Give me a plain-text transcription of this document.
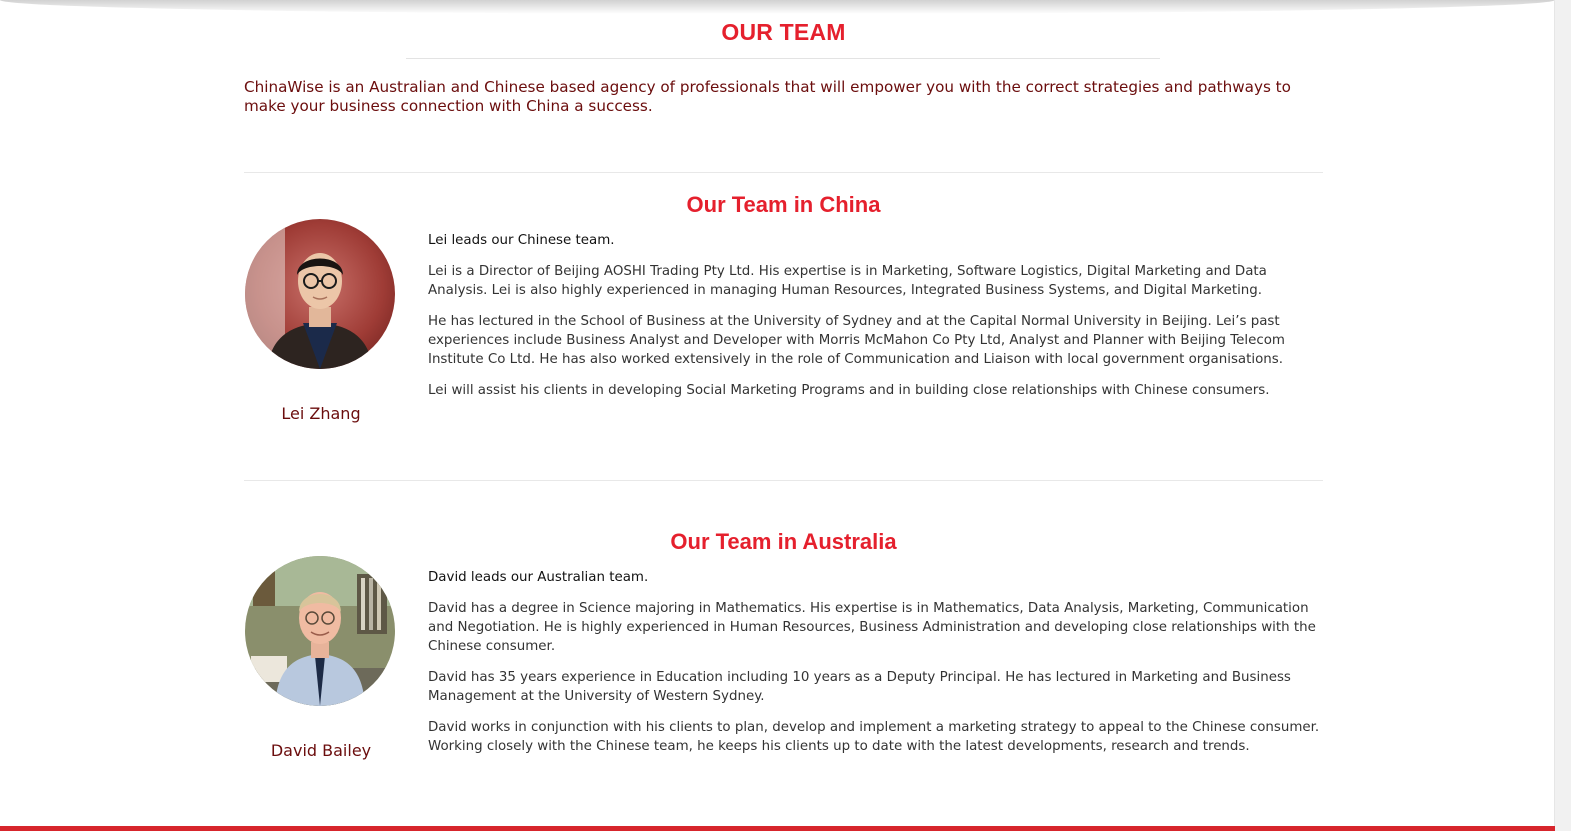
OUR TEAM

ChinaWise is an Australian and Chinese based agency of professionals that will empower you with the correct strategies and pathways to make your business connection with China a success.

Our Team in China
Lei Zhang

Lei leads our Chinese team.

Lei is a Director of Beijing AOSHI Trading Pty Ltd. His expertise is in Marketing, Software Logistics, Digital Marketing and Data Analysis. Lei is also highly experienced in managing Human Resources, Integrated Business Systems, and Digital Marketing.

He has lectured in the School of Business at the University of Sydney and at the Capital Normal University in Beijing. Lei’s past experiences include Business Analyst and Developer with Morris McMahon Co Pty Ltd, Analyst and Planner with Beijing Telecom Institute Co Ltd. He has also worked extensively in the role of Communication and Liaison with local government organisations.

Lei will assist his clients in developing Social Marketing Programs and in building close relationships with Chinese consumers.

Our Team in Australia
David Bailey

David leads our Australian team.

David has a degree in Science majoring in Mathematics. His expertise is in Mathematics, Data Analysis, Marketing, Communication and Negotiation. He is highly experienced in Human Resources, Business Administration and developing close relationships with the Chinese consumer.

David has 35 years experience in Education including 10 years as a Deputy Principal. He has lectured in Marketing and Business Management at the University of Western Sydney.

David works in conjunction with his clients to plan, develop and implement a marketing strategy to appeal to the Chinese consumer. Working closely with the Chinese team, he keeps his clients up to date with the latest developments, research and trends.
